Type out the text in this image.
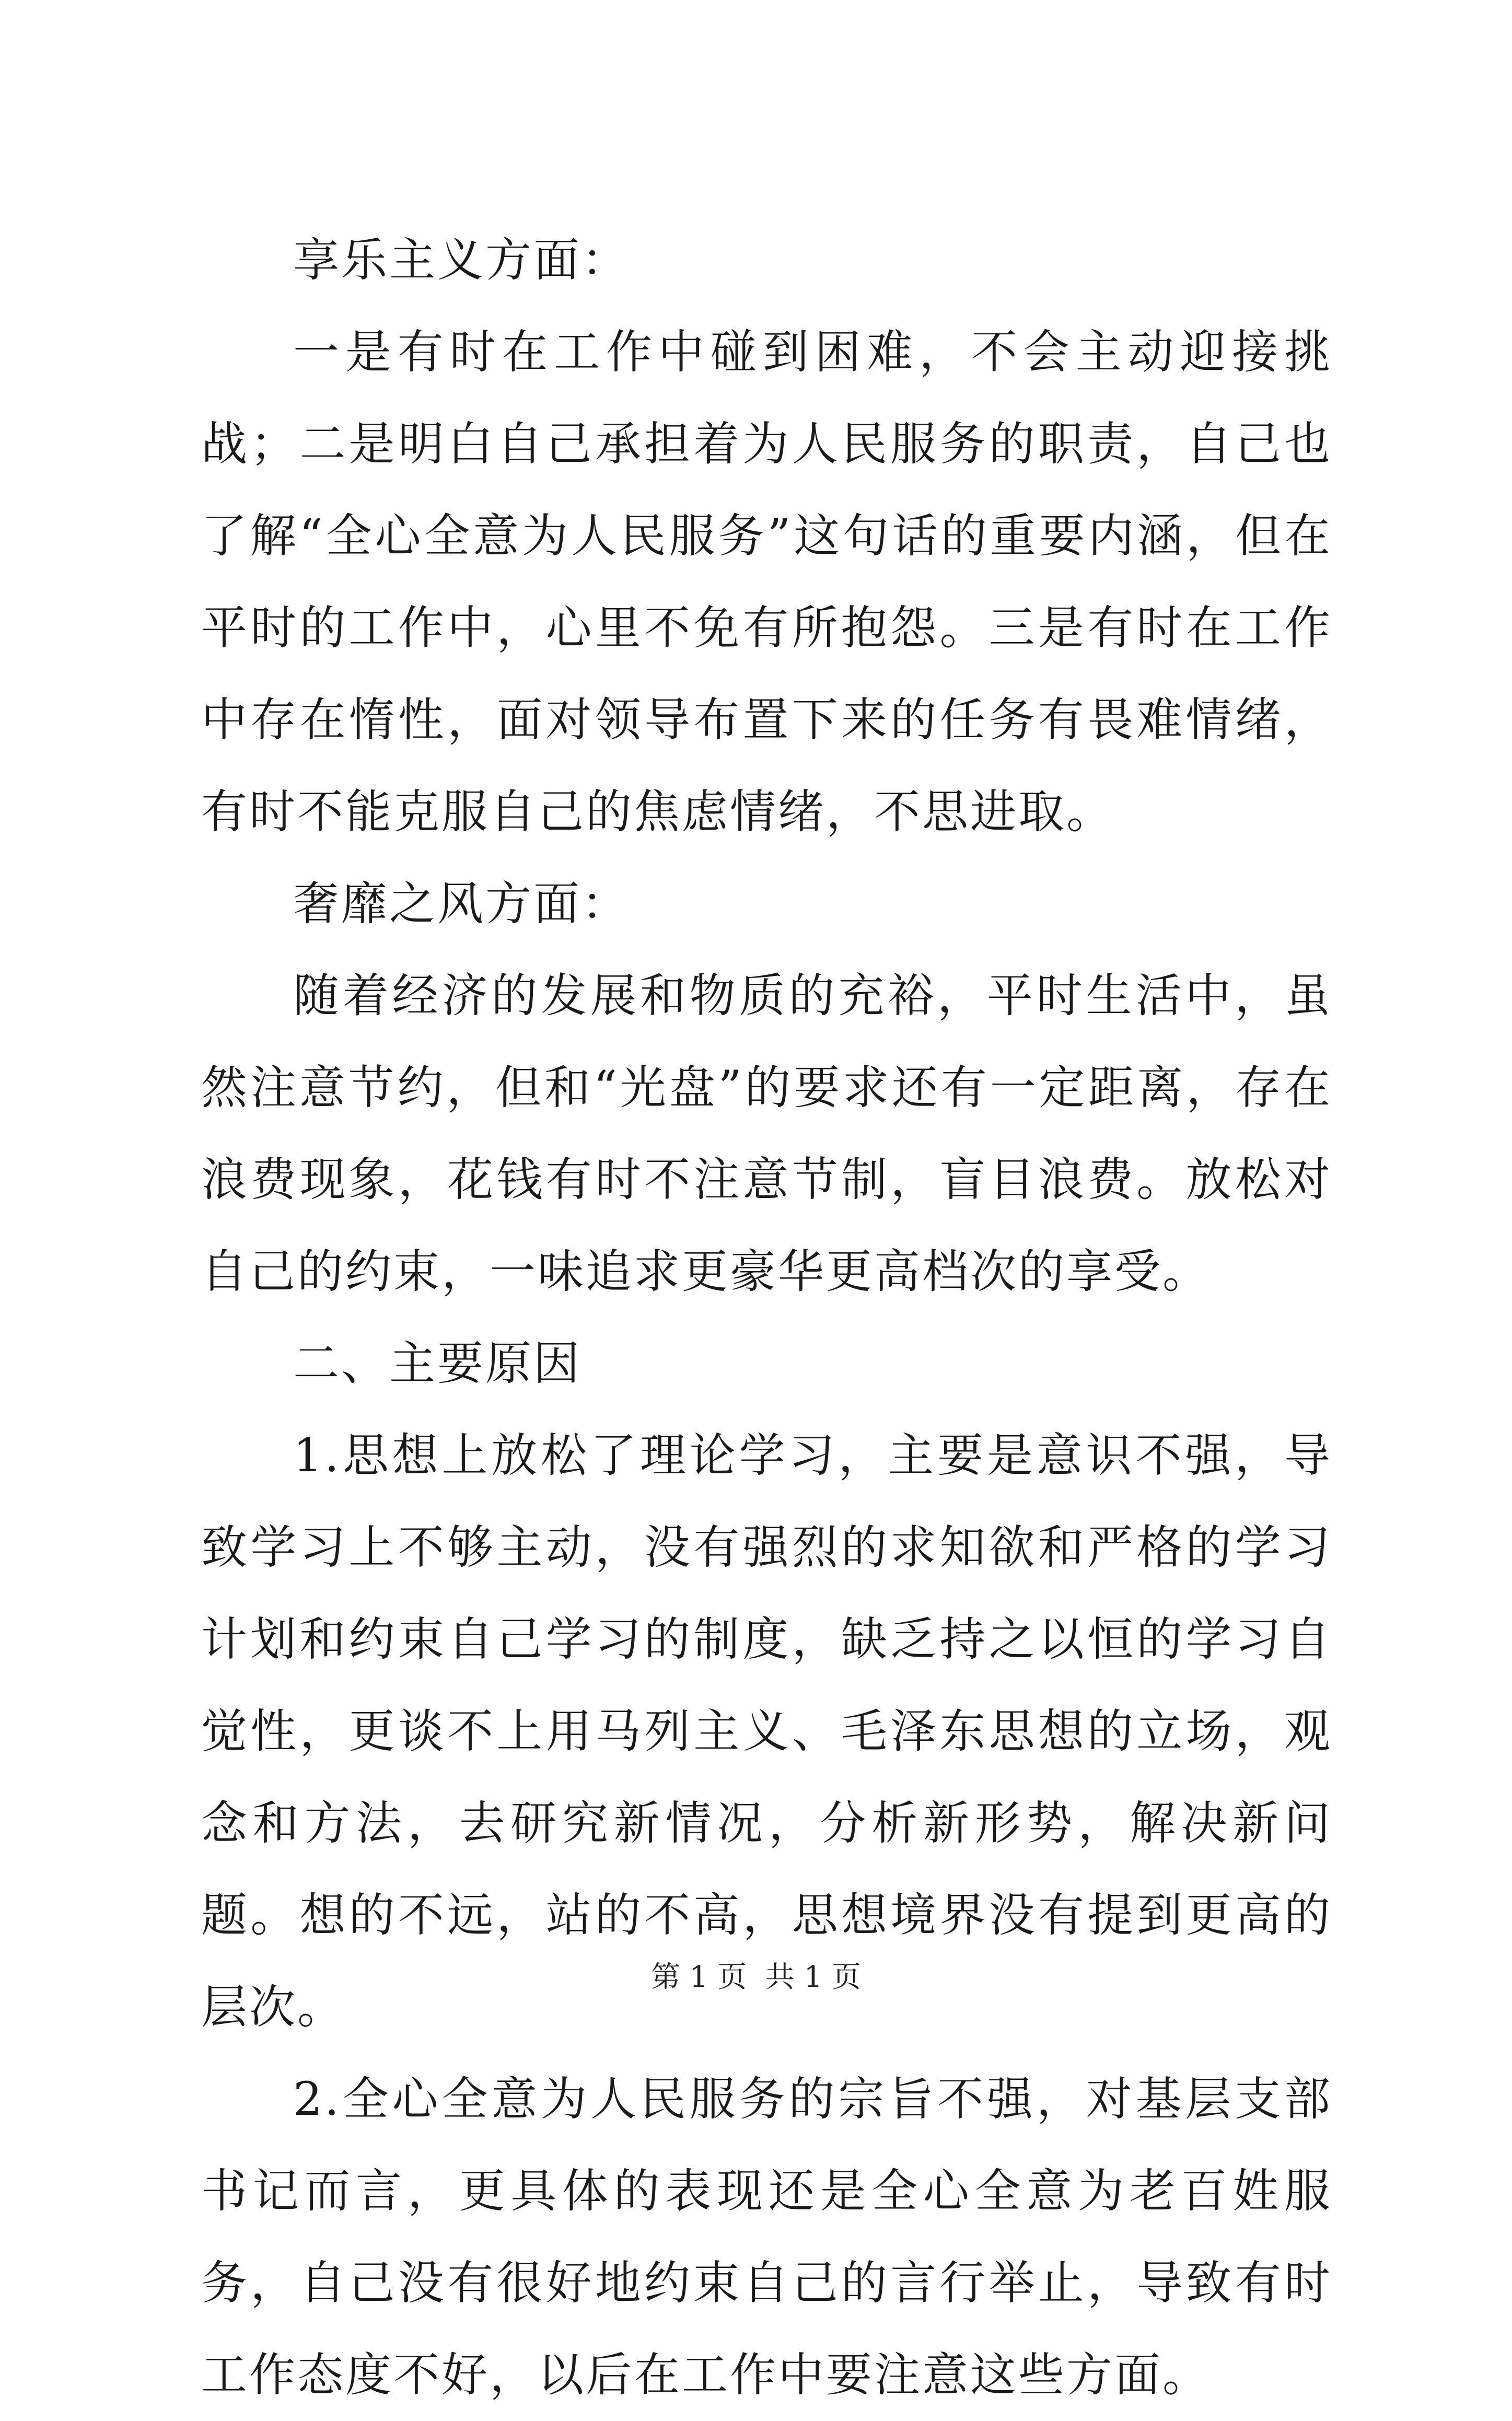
享乐主义方面：

一是有时在工作中碰到困难，不会主动迎接挑战；二是明白自己承担着为人民服务的职责，自己也了解“全心全意为人民服务”这句话的重要内涵，但在平时的工作中，心里不免有所抱怨。三是有时在工作中存在惰性，面对领导布置下来的任务有畏难情绪，有时不能克服自己的焦虑情绪，不思进取。

奢靡之风方面：

随着经济的发展和物质的充裕，平时生活中，虽然注意节约，但和“光盘”的要求还有一定距离，存在浪费现象，花钱有时不注意节制，盲目浪费。放松对自己的约束，一味追求更豪华更高档次的享受。

二、主要原因

1.思想上放松了理论学习，主要是意识不强，导致学习上不够主动，没有强烈的求知欲和严格的学习计划和约束自己学习的制度，缺乏持之以恒的学习自觉性，更谈不上用马列主义、毛泽东思想的立场，观念和方法，去研究新情况，分析新形势，解决新问题。想的不远，站的不高，思想境界没有提到更高的层次。

2.全心全意为人民服务的宗旨不强，对基层支部书记而言，更具体的表现还是全心全意为老百姓服务，自己没有很好地约束自己的言行举止，导致有时工作态度不好，以后在工作中要注意这些方面。

第 1 页  共 1 页
